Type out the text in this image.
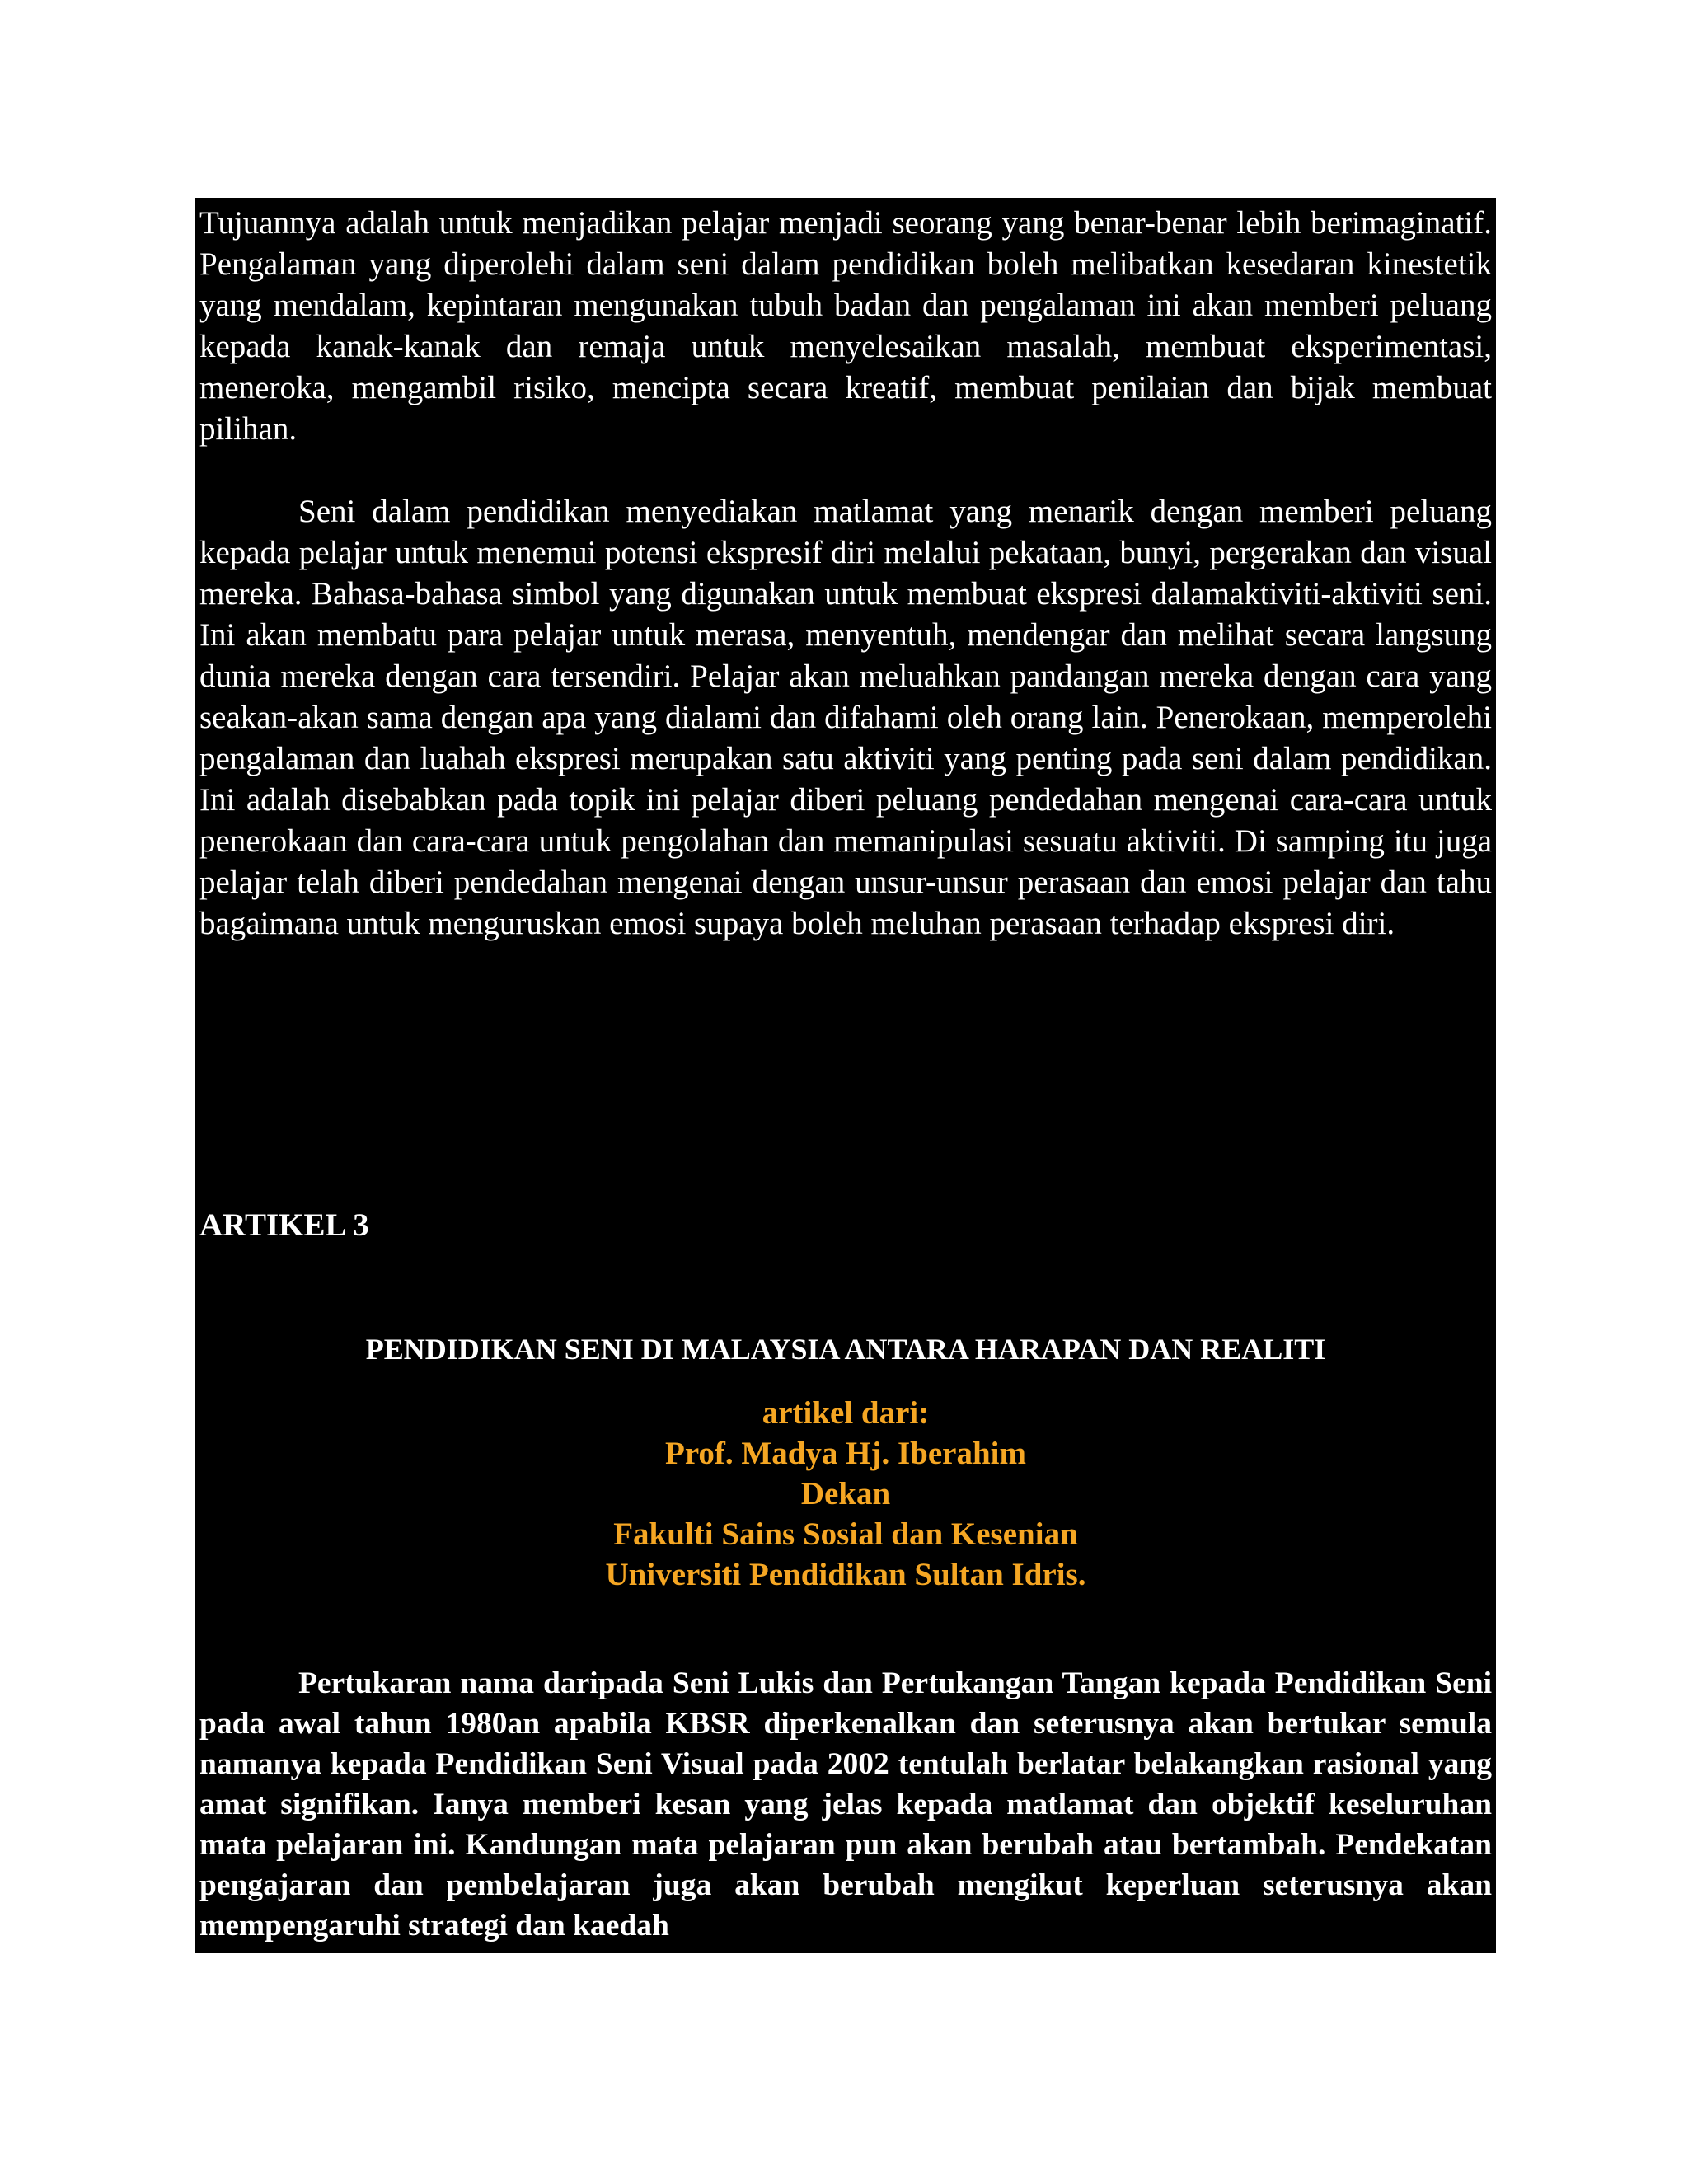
Tujuannya adalah untuk menjadikan pelajar menjadi seorang yang benar-benar lebih berimaginatif. Pengalaman yang diperolehi dalam seni dalam pendidikan boleh melibatkan kesedaran kinestetik yang mendalam, kepintaran mengunakan tubuh badan dan pengalaman ini akan memberi peluang kepada kanak-kanak dan remaja untuk menyelesaikan masalah, membuat eksperimentasi, meneroka, mengambil risiko, mencipta secara kreatif, membuat penilaian dan bijak membuat pilihan.

Seni dalam pendidikan menyediakan matlamat yang menarik dengan memberi peluang kepada pelajar untuk menemui potensi ekspresif diri melalui pekataan, bunyi, pergerakan dan visual mereka. Bahasa-bahasa simbol yang digunakan untuk membuat ekspresi dalamaktiviti-aktiviti seni. Ini akan membatu para pelajar untuk merasa, menyentuh, mendengar dan melihat secara langsung dunia mereka dengan cara tersendiri. Pelajar akan meluahkan pandangan mereka dengan cara yang seakan-akan sama dengan apa yang dialami dan difahami oleh orang lain. Penerokaan, memperolehi pengalaman dan luahah ekspresi merupakan satu aktiviti yang penting pada seni dalam pendidikan. Ini adalah disebabkan pada topik ini pelajar diberi peluang pendedahan mengenai cara-cara untuk penerokaan dan cara-cara untuk pengolahan dan memanipulasi sesuatu aktiviti. Di samping itu juga pelajar telah diberi pendedahan mengenai dengan unsur-unsur perasaan dan emosi pelajar dan tahu bagaimana untuk menguruskan emosi supaya boleh meluhan perasaan terhadap ekspresi diri.

ARTIKEL 3

PENDIDIKAN SENI DI MALAYSIA ANTARA HARAPAN DAN REALITI

artikel dari:
Prof. Madya Hj. Iberahim
Dekan
Fakulti Sains Sosial dan Kesenian
Universiti Pendidikan Sultan Idris.

Pertukaran nama daripada Seni Lukis dan Pertukangan Tangan kepada Pendidikan Seni pada awal tahun 1980an apabila KBSR diperkenalkan dan seterusnya akan bertukar semula namanya kepada Pendidikan Seni Visual pada 2002 tentulah berlatar belakangkan rasional yang amat signifikan. Ianya memberi kesan yang jelas kepada matlamat dan objektif keseluruhan mata pelajaran ini. Kandungan mata pelajaran pun akan berubah atau bertambah. Pendekatan pengajaran dan pembelajaran juga akan berubah mengikut keperluan seterusnya akan mempengaruhi strategi dan kaedah
